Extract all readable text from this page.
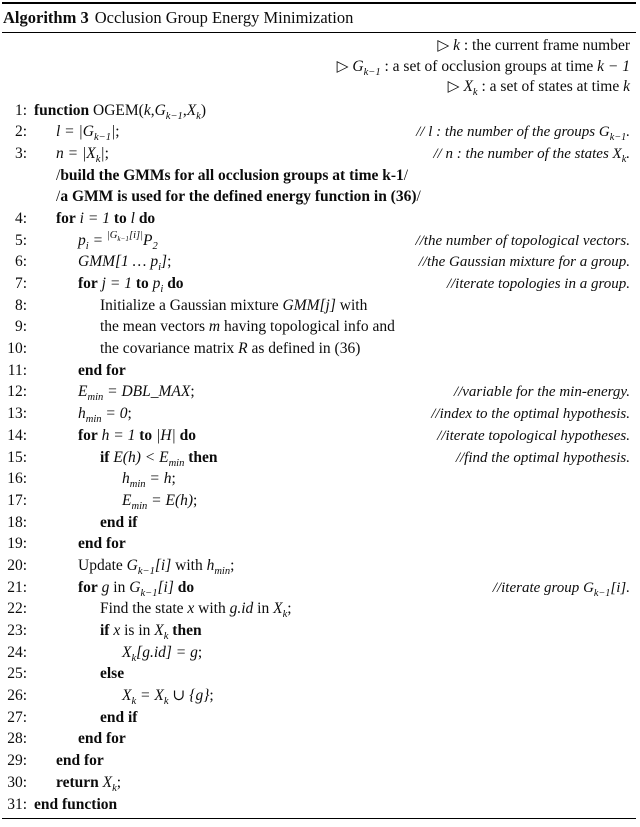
Algorithm 3 Occlusion Group Energy Minimization
▷ k : the current frame number
▷ $G_{k-1}$ : a set of occlusion groups at time k − 1
▷ $X_k$ : a set of states at time k
1: function $OGEM(k,G_{k-1},X_k)$
2: $l = |G_{k-1}|$;	// l : the number of the groups $G_{k-1}$.
3: $n = |X_k|$;	// n : the number of the states $X_k$.
/build the GMMs for all occlusion groups at time k-1/
/a GMM is used for the defined energy function in (36)/
4: for i = 1 to l do
5:	$p_i = ^{|G_{k-1}[i]|}P_2$	//the number of topological vectors.
6:	GMM[1 … $p_i$];	//the Gaussian mixture for a group.
7:	for j = 1 to $p_i$ do	//iterate topologies in a group.
8:	Initialize a Gaussian mixture GMM[j] with
9:	the mean vectors m having topological info and
10:	the covariance matrix R as defined in (36)
11:	end for
12:	$E_{min}$ = DBL_MAX;	//variable for the min-energy.
13:	$h_{min} = 0$;	//index to the optimal hypothesis.
14:	for h = 1 to |H| do	//iterate topological hypotheses.
15:	if $E(h) < E_{min}$ then	//find the optimal hypothesis.
16:	$h_{min} = h$;
17:	$E_{min} = E(h)$;
18:	end if
19:	end for
20:	Update $G_{k-1}[i]$ with $h_{min}$;
21:	for g in $G_{k-1}[i]$ do	//iterate group $G_{k-1}[i]$.
22:	Find the state x with g.id in $X_k$;
23:	if x is in $X_k$ then
24:	$X_k[g.id] = g$;
25:	else
26:	$X_k = X_k$ ∪ {g};
27:	end if
28:	end for
29: end for
30: return $X_k$;
31: end function
